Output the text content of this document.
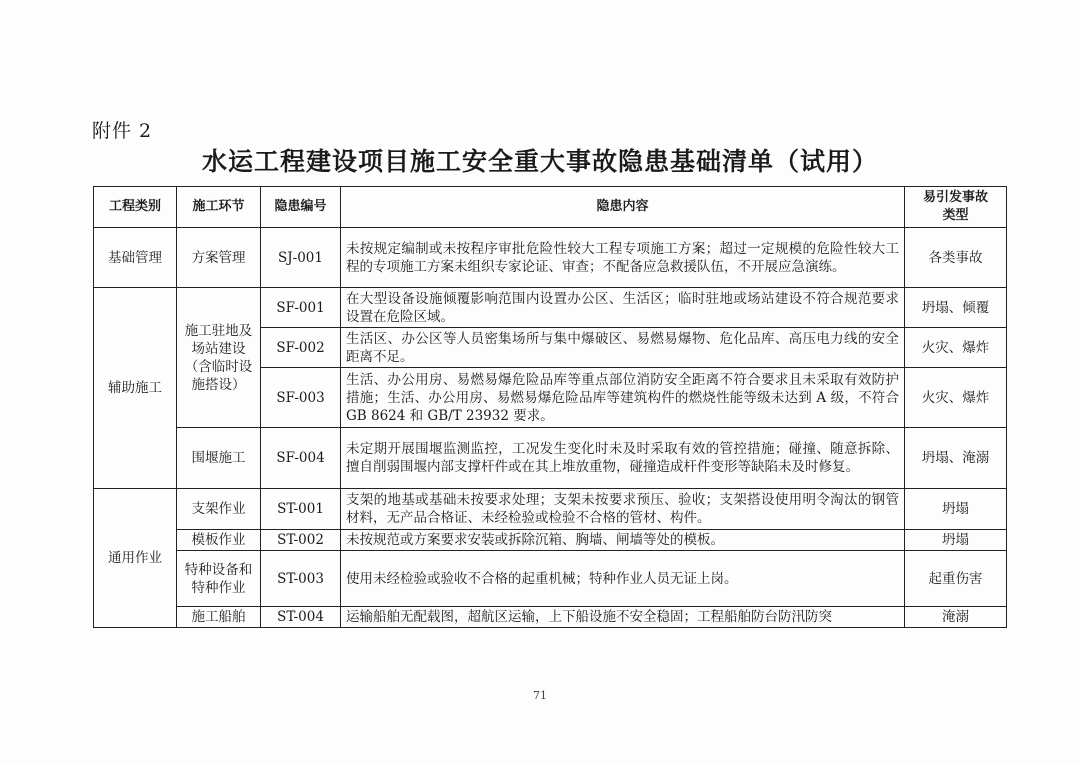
附件 2
水运工程建设项目施工安全重大事故隐患基础清单（试用）
工程类别	施工环节	隐患编号	隐患内容	易引发事故类型
基础管理	方案管理	SJ-001	未按规定编制或未按程序审批危险性较大工程专项施工方案；超过一定规模的危险性较大工程的专项施工方案未组织专家论证、审查；不配备应急救援队伍，不开展应急演练。	各类事故
辅助施工	施工驻地及场站建设（含临时设施搭设）	SF-001	在大型设备设施倾覆影响范围内设置办公区、生活区；临时驻地或场站建设不符合规范要求设置在危险区域。	坍塌、倾覆
		SF-002	生活区、办公区等人员密集场所与集中爆破区、易燃易爆物、危化品库、高压电力线的安全距离不足。	火灾、爆炸
		SF-003	生活、办公用房、易燃易爆危险品库等重点部位消防安全距离不符合要求且未采取有效防护措施；生活、办公用房、易燃易爆危险品库等建筑构件的燃烧性能等级未达到 A 级，不符合 GB 8624 和 GB/T 23932 要求。	火灾、爆炸
	围堰施工	SF-004	未定期开展围堰监测监控，工况发生变化时未及时采取有效的管控措施；碰撞、随意拆除、擅自削弱围堰内部支撑杆件或在其上堆放重物，碰撞造成杆件变形等缺陷未及时修复。	坍塌、淹溺
通用作业	支架作业	ST-001	支架的地基或基础未按要求处理；支架未按要求预压、验收；支架搭设使用明令淘汰的钢管材料，无产品合格证、未经检验或检验不合格的管材、构件。	坍塌
	模板作业	ST-002	未按规范或方案要求安装或拆除沉箱、胸墙、闸墙等处的模板。	坍塌
	特种设备和特种作业	ST-003	使用未经检验或验收不合格的起重机械；特种作业人员无证上岗。	起重伤害
	施工船舶	ST-004	运输船舶无配载图，超航区运输，上下船设施不安全稳固；工程船舶防台防汛防突	淹溺
71
